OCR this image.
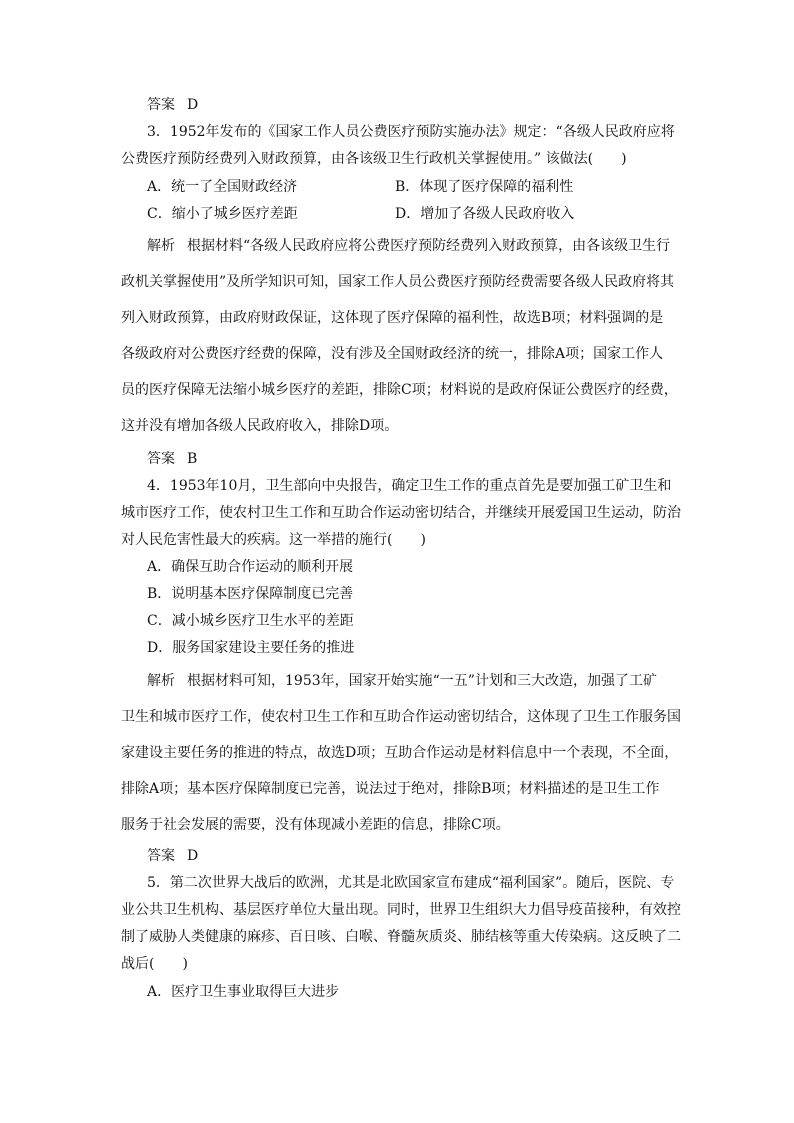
答案 D
3．1952年发布的《国家工作人员公费医疗预防实施办法》规定：“各级人民政府应将
公费医疗预防经费列入财政预算，由各该级卫生行政机关掌握使用。” 该做法(　　)
A．统一了全国财政经济	B．体现了医疗保障的福利性
C．缩小了城乡医疗差距	D．增加了各级人民政府收入
解析 根据材料“各级人民政府应将公费医疗预防经费列入财政预算，由各该级卫生行
政机关掌握使用”及所学知识可知，国家工作人员公费医疗预防经费需要各级人民政府将其
列入财政预算，由政府财政保证，这体现了医疗保障的福利性，故选B项；材料强调的是
各级政府对公费医疗经费的保障，没有涉及全国财政经济的统一，排除A项；国家工作人
员的医疗保障无法缩小城乡医疗的差距，排除C项；材料说的是政府保证公费医疗的经费，
这并没有增加各级人民政府收入，排除D项。
答案 B
4．1953年10月，卫生部向中央报告，确定卫生工作的重点首先是要加强工矿卫生和
城市医疗工作，使农村卫生工作和互助合作运动密切结合，并继续开展爱国卫生运动，防治
对人民危害性最大的疾病。这一举措的施行(　　)
A．确保互助合作运动的顺利开展
B．说明基本医疗保障制度已完善
C．减小城乡医疗卫生水平的差距
D．服务国家建设主要任务的推进
解析 根据材料可知，1953年，国家开始实施“一五”计划和三大改造，加强了工矿
卫生和城市医疗工作，使农村卫生工作和互助合作运动密切结合，这体现了卫生工作服务国
家建设主要任务的推进的特点，故选D项；互助合作运动是材料信息中一个表现，不全面，
排除A项；基本医疗保障制度已完善，说法过于绝对，排除B项；材料描述的是卫生工作
服务于社会发展的需要，没有体现减小差距的信息，排除C项。
答案 D
5．第二次世界大战后的欧洲，尤其是北欧国家宣布建成“福利国家”。随后，医院、专
业公共卫生机构、基层医疗单位大量出现。同时，世界卫生组织大力倡导疫苗接种，有效控
制了威胁人类健康的麻疹、百日咳、白喉、脊髓灰质炎、肺结核等重大传染病。这反映了二
战后(　　)
A．医疗卫生事业取得巨大进步
